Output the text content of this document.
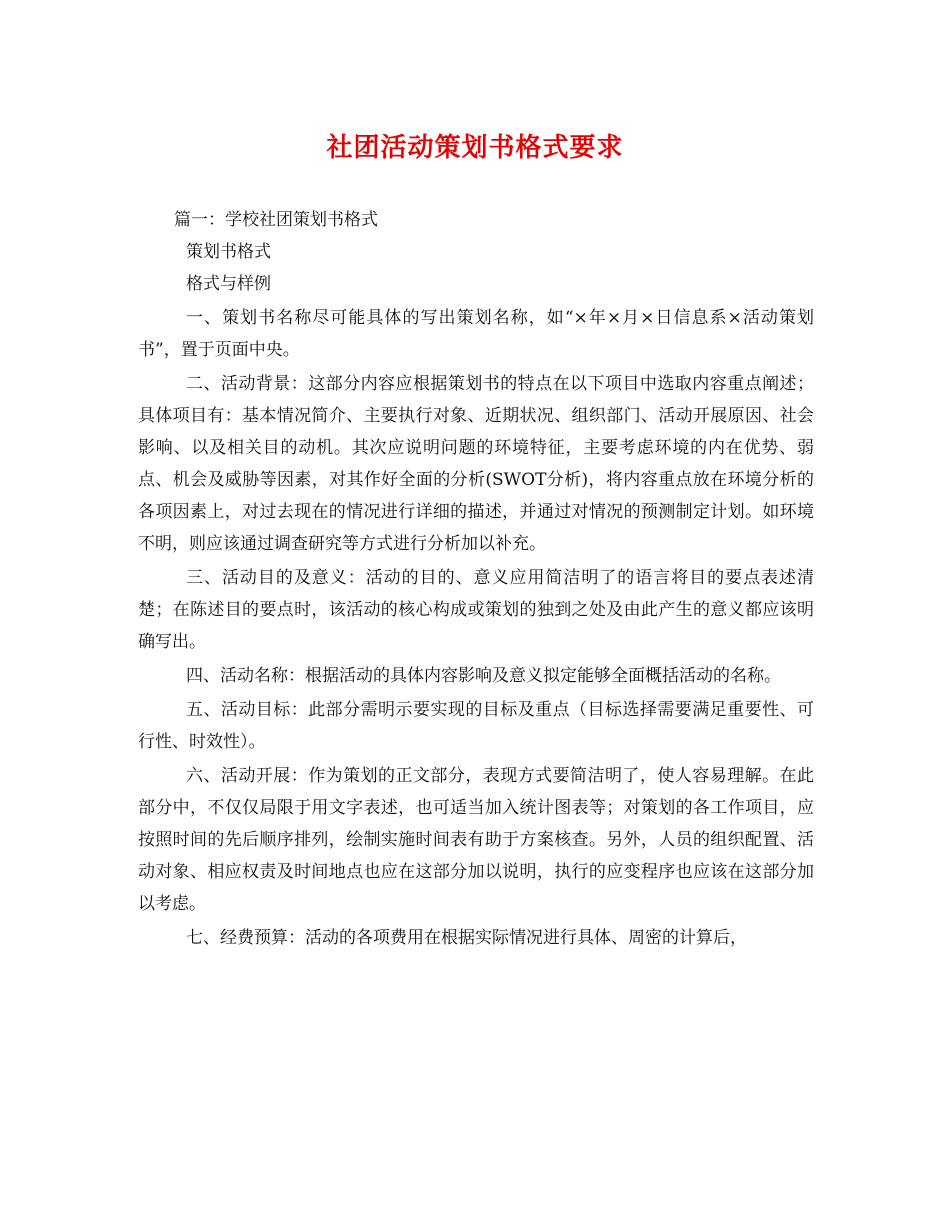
社团活动策划书格式要求

篇一：学校社团策划书格式

策划书格式

格式与样例

一、策划书名称尽可能具体的写出策划名称，如“×年×月×日信息系×活动策划书”，置于页面中央。

二、活动背景：这部分内容应根据策划书的特点在以下项目中选取内容重点阐述；具体项目有：基本情况简介、主要执行对象、近期状况、组织部门、活动开展原因、社会影响、以及相关目的动机。其次应说明问题的环境特征，主要考虑环境的内在优势、弱点、机会及威胁等因素，对其作好全面的分析(SWOT分析)，将内容重点放在环境分析的各项因素上，对过去现在的情况进行详细的描述，并通过对情况的预测制定计划。如环境不明，则应该通过调查研究等方式进行分析加以补充。

三、活动目的及意义：活动的目的、意义应用简洁明了的语言将目的要点表述清楚；在陈述目的要点时，该活动的核心构成或策划的独到之处及由此产生的意义都应该明确写出。

四、活动名称：根据活动的具体内容影响及意义拟定能够全面概括活动的名称。

五、活动目标：此部分需明示要实现的目标及重点（目标选择需要满足重要性、可行性、时效性）。

六、活动开展：作为策划的正文部分，表现方式要简洁明了，使人容易理解。在此部分中，不仅仅局限于用文字表述，也可适当加入统计图表等；对策划的各工作项目，应按照时间的先后顺序排列，绘制实施时间表有助于方案核查。另外，人员的组织配置、活动对象、相应权责及时间地点也应在这部分加以说明，执行的应变程序也应该在这部分加以考虑。

七、经费预算：活动的各项费用在根据实际情况进行具体、周密的计算后，
